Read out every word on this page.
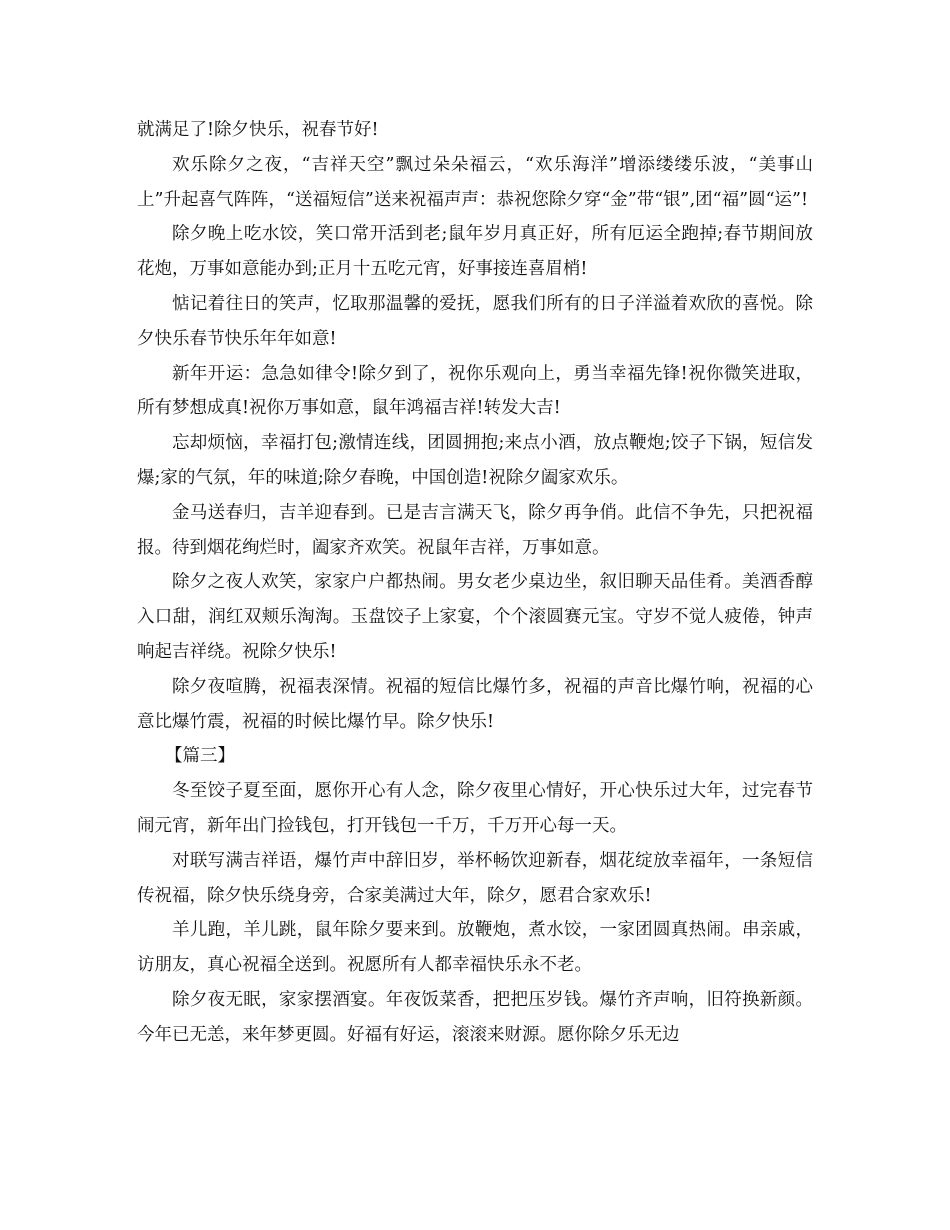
就满足了!除夕快乐，祝春节好!

欢乐除夕之夜，“吉祥天空”飘过朵朵福云，“欢乐海洋”增添缕缕乐波，“美事山上”升起喜气阵阵，“送福短信”送来祝福声声：恭祝您除夕穿“金”带“银”,团“福”圆“运”!

除夕晚上吃水饺，笑口常开活到老;鼠年岁月真正好，所有厄运全跑掉;春节期间放花炮，万事如意能办到;正月十五吃元宵，好事接连喜眉梢!

惦记着往日的笑声，忆取那温馨的爱抚，愿我们所有的日子洋溢着欢欣的喜悦。除夕快乐春节快乐年年如意!

新年开运：急急如律令!除夕到了，祝你乐观向上，勇当幸福先锋!祝你微笑进取，所有梦想成真!祝你万事如意，鼠年鸿福吉祥!转发大吉!

忘却烦恼，幸福打包;激情连线，团圆拥抱;来点小酒，放点鞭炮;饺子下锅，短信发爆;家的气氛，年的味道;除夕春晚，中国创造!祝除夕阖家欢乐。

金马送春归，吉羊迎春到。已是吉言满天飞，除夕再争俏。此信不争先，只把祝福报。待到烟花绚烂时，阖家齐欢笑。祝鼠年吉祥，万事如意。

除夕之夜人欢笑，家家户户都热闹。男女老少桌边坐，叙旧聊天品佳肴。美酒香醇入口甜，润红双颊乐淘淘。玉盘饺子上家宴，个个滚圆赛元宝。守岁不觉人疲倦，钟声响起吉祥绕。祝除夕快乐!

除夕夜喧腾，祝福表深情。祝福的短信比爆竹多，祝福的声音比爆竹响，祝福的心意比爆竹震，祝福的时候比爆竹早。除夕快乐!

【篇三】

冬至饺子夏至面，愿你开心有人念，除夕夜里心情好，开心快乐过大年，过完春节闹元宵，新年出门捡钱包，打开钱包一千万，千万开心每一天。

对联写满吉祥语，爆竹声中辞旧岁，举杯畅饮迎新春，烟花绽放幸福年，一条短信传祝福，除夕快乐绕身旁，合家美满过大年，除夕，愿君合家欢乐!

羊儿跑，羊儿跳，鼠年除夕要来到。放鞭炮，煮水饺，一家团圆真热闹。串亲戚，访朋友，真心祝福全送到。祝愿所有人都幸福快乐永不老。

除夕夜无眠，家家摆酒宴。年夜饭菜香，把把压岁钱。爆竹齐声响，旧符换新颜。今年已无恙，来年梦更圆。好福有好运，滚滚来财源。愿你除夕乐无边
